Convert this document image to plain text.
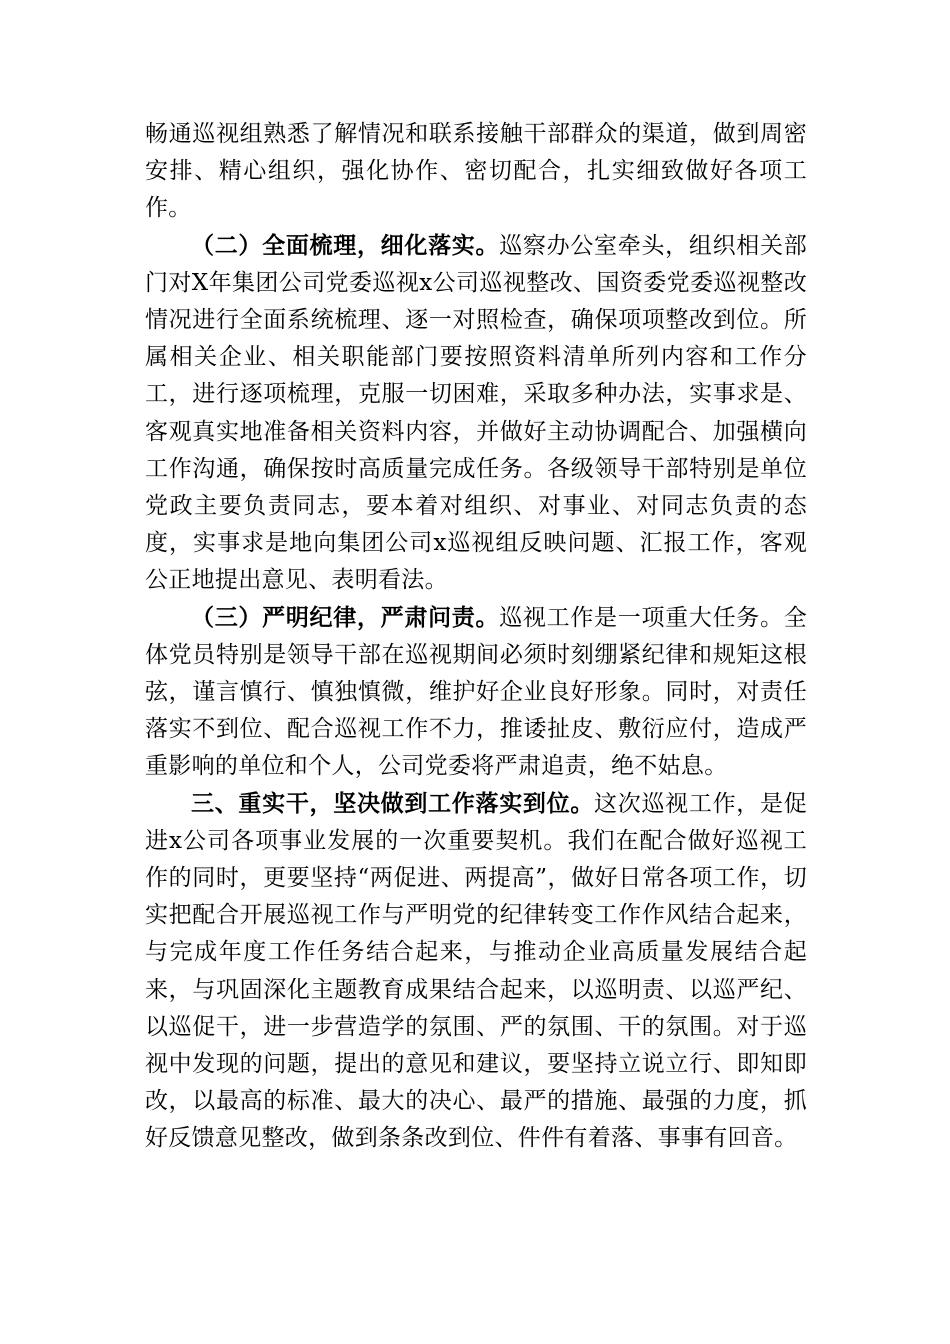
畅通巡视组熟悉了解情况和联系接触干部群众的渠道，做到周密安排、精心组织，强化协作、密切配合，扎实细致做好各项工作。

（二）全面梳理，细化落实。巡察办公室牵头，组织相关部门对X年集团公司党委巡视x公司巡视整改、国资委党委巡视整改情况进行全面系统梳理、逐一对照检查，确保项项整改到位。所属相关企业、相关职能部门要按照资料清单所列内容和工作分工，进行逐项梳理，克服一切困难，采取多种办法，实事求是、客观真实地准备相关资料内容，并做好主动协调配合、加强横向工作沟通，确保按时高质量完成任务。各级领导干部特别是单位党政主要负责同志，要本着对组织、对事业、对同志负责的态度，实事求是地向集团公司x巡视组反映问题、汇报工作，客观公正地提出意见、表明看法。

（三）严明纪律，严肃问责。巡视工作是一项重大任务。全体党员特别是领导干部在巡视期间必须时刻绷紧纪律和规矩这根弦，谨言慎行、慎独慎微，维护好企业良好形象。同时，对责任落实不到位、配合巡视工作不力，推诿扯皮、敷衍应付，造成严重影响的单位和个人，公司党委将严肃追责，绝不姑息。

三、重实干，坚决做到工作落实到位。这次巡视工作，是促进x公司各项事业发展的一次重要契机。我们在配合做好巡视工作的同时，更要坚持“两促进、两提高”，做好日常各项工作，切实把配合开展巡视工作与严明党的纪律转变工作作风结合起来，与完成年度工作任务结合起来，与推动企业高质量发展结合起来，与巩固深化主题教育成果结合起来，以巡明责、以巡严纪、以巡促干，进一步营造学的氛围、严的氛围、干的氛围。对于巡视中发现的问题，提出的意见和建议，要坚持立说立行、即知即改，以最高的标准、最大的决心、最严的措施、最强的力度，抓好反馈意见整改，做到条条改到位、件件有着落、事事有回音。
